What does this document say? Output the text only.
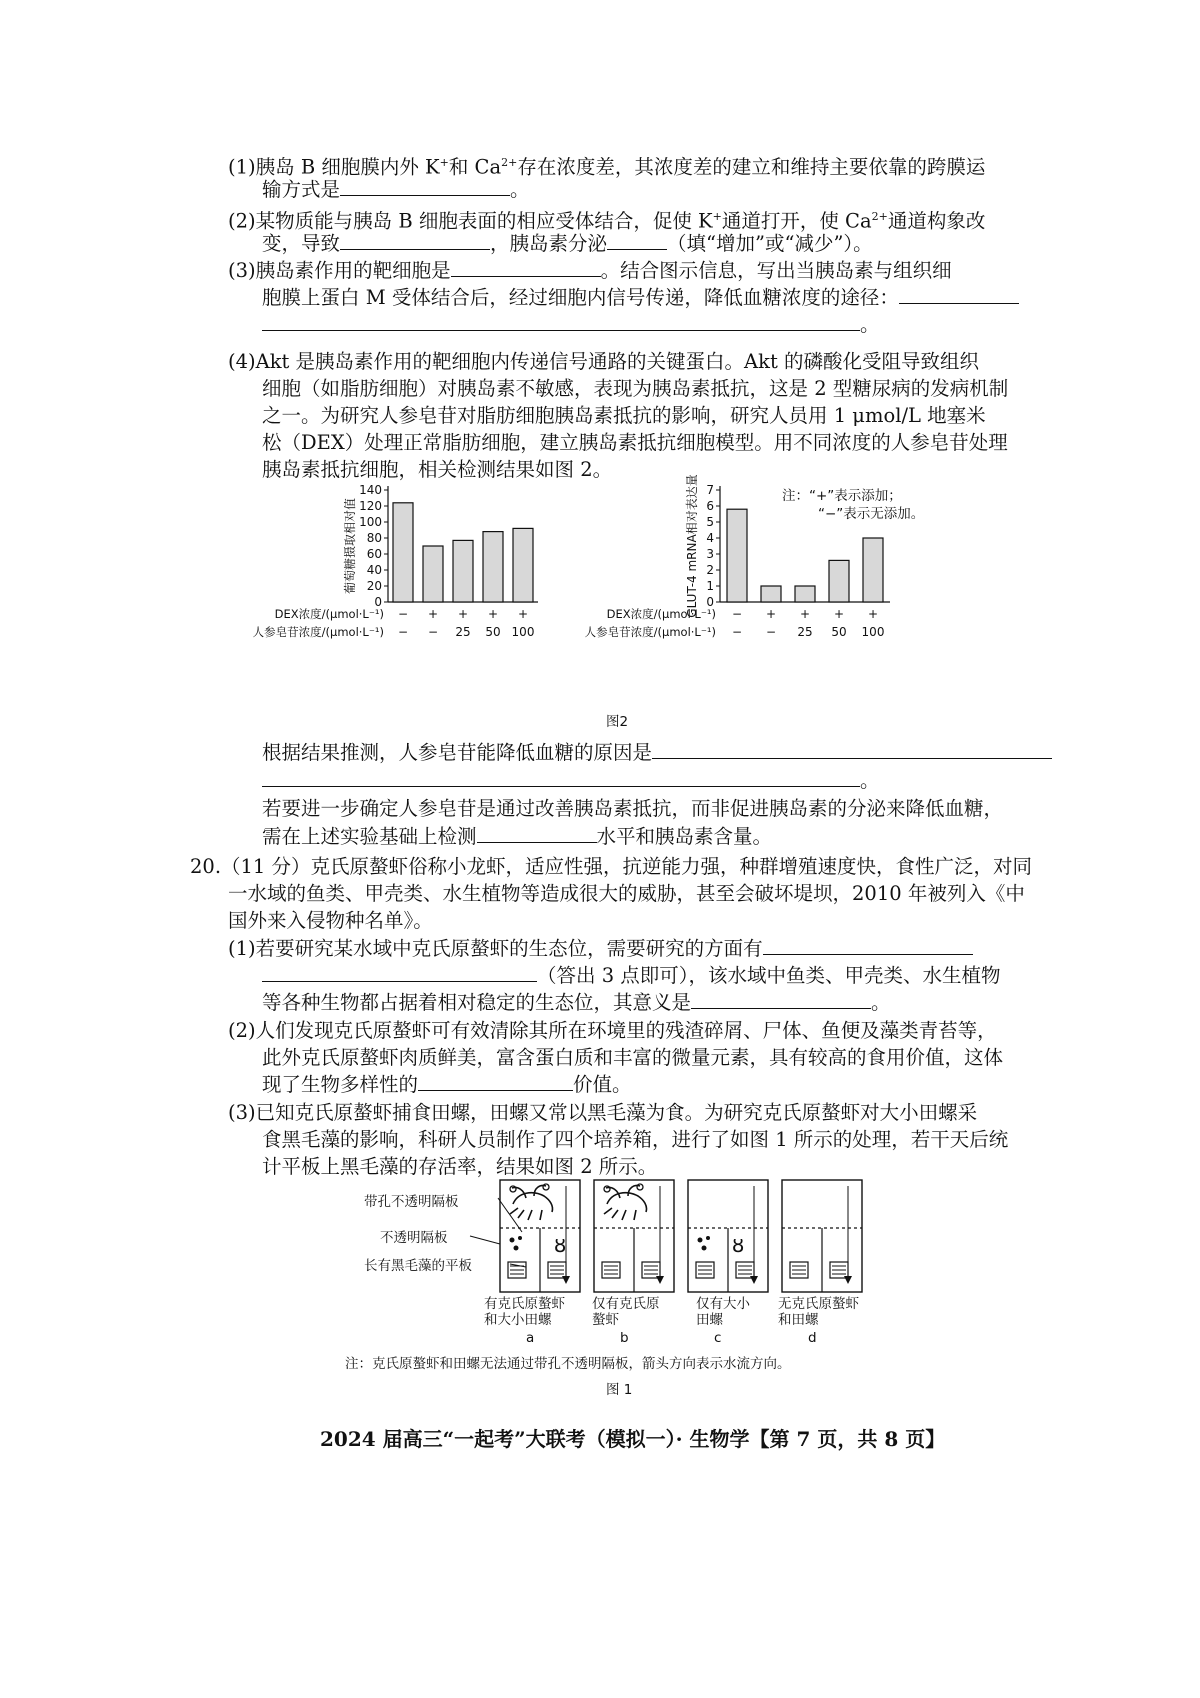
(1)胰岛 B 细胞膜内外 K+和 $Ca^{2+}$存在浓度差，其浓度差的建立和维持主要依靠的跨膜运
输方式是	。
(2)某物质能与胰岛 B 细胞表面的相应受体结合，促使 K+通道打开，使 $Ca^{2+}$通道构象改
变，导致	，胰岛素分泌	（填“增加”或“减少”）。
(3)胰岛素作用的靶细胞是	。结合图示信息，写出当胰岛素与组织细
胞膜上蛋白 M 受体结合后，经过细胞内信号传递，降低血糖浓度的途径：
。
(4)Akt 是胰岛素作用的靶细胞内传递信号通路的关键蛋白。Akt 的磷酸化受阻导致组织
细胞（如脂肪细胞）对胰岛素不敏感，表现为胰岛素抵抗，这是 2 型糖尿病的发病机制
之一。为研究人参皂苷对脂肪细胞胰岛素抵抗的影响，研究人员用 1 μmol/L 地塞米
松（DEX）处理正常脂肪细胞，建立胰岛素抵抗细胞模型。用不同浓度的人参皂苷处理
胰岛素抵抗细胞，相关检测结果如图 2。
0
20
40
60
80
100
120
140
葡萄糖摄取相对值
−
−
+
−
+
25
+
50
+
100
DEX浓度/(μmol·L⁻¹)
人参皂苷浓度/(μmol·L⁻¹)
0
1
2
3
4
5
6
7
GLUT-4 mRNA相对表达量	−
−
+
−
+
25
+
50
+
100
DEX浓度/(μmol·L⁻¹)
人参皂苷浓度/(μmol·L⁻¹)
注：“+”表示添加；
“−”表示无添加。
图2
根据结果推测，人参皂苷能降低血糖的原因是
。
若要进一步确定人参皂苷是通过改善胰岛素抵抗，而非促进胰岛素的分泌来降低血糖，
需在上述实验基础上检测	水平和胰岛素含量。
20.（11 分）克氏原螯虾俗称小龙虾，适应性强，抗逆能力强，种群增殖速度快，食性广泛，对同
一水域的鱼类、甲壳类、水生植物等造成很大的威胁，甚至会破坏堤坝，2010 年被列入《中
国外来入侵物种名单》。
(1)若要研究某水域中克氏原螯虾的生态位，需要研究的方面有
（答出 3 点即可），该水域中鱼类、甲壳类、水生植物
等各种生物都占据着相对稳定的生态位，其意义是	。
(2)人们发现克氏原螯虾可有效清除其所在环境里的残渣碎屑、尸体、鱼便及藻类青苔等，
此外克氏原螯虾肉质鲜美，富含蛋白质和丰富的微量元素，具有较高的食用价值，这体
现了生物多样性的	价值。
(3)已知克氏原螯虾捕食田螺，田螺又常以黑毛藻为食。为研究克氏原螯虾对大小田螺采
食黑毛藻的影响，科研人员制作了四个培养箱，进行了如图 1 所示的处理，若干天后统
计平板上黑毛藻的存活率，结果如图 2 所示。
ȣ	ȣ
带孔不透明隔板
不透明隔板
长有黑毛藻的平板
有克氏原螯虾
和大小田螺
仅有克氏原
螯虾
仅有大小
田螺
无克氏原螯虾
和田螺
a	b	c	d
注：克氏原螯虾和田螺无法通过带孔不透明隔板，箭头方向表示水流方向。
图 1
2024 届高三“一起考”大联考（模拟一）· 生物学【第 7 页，共 8 页】
